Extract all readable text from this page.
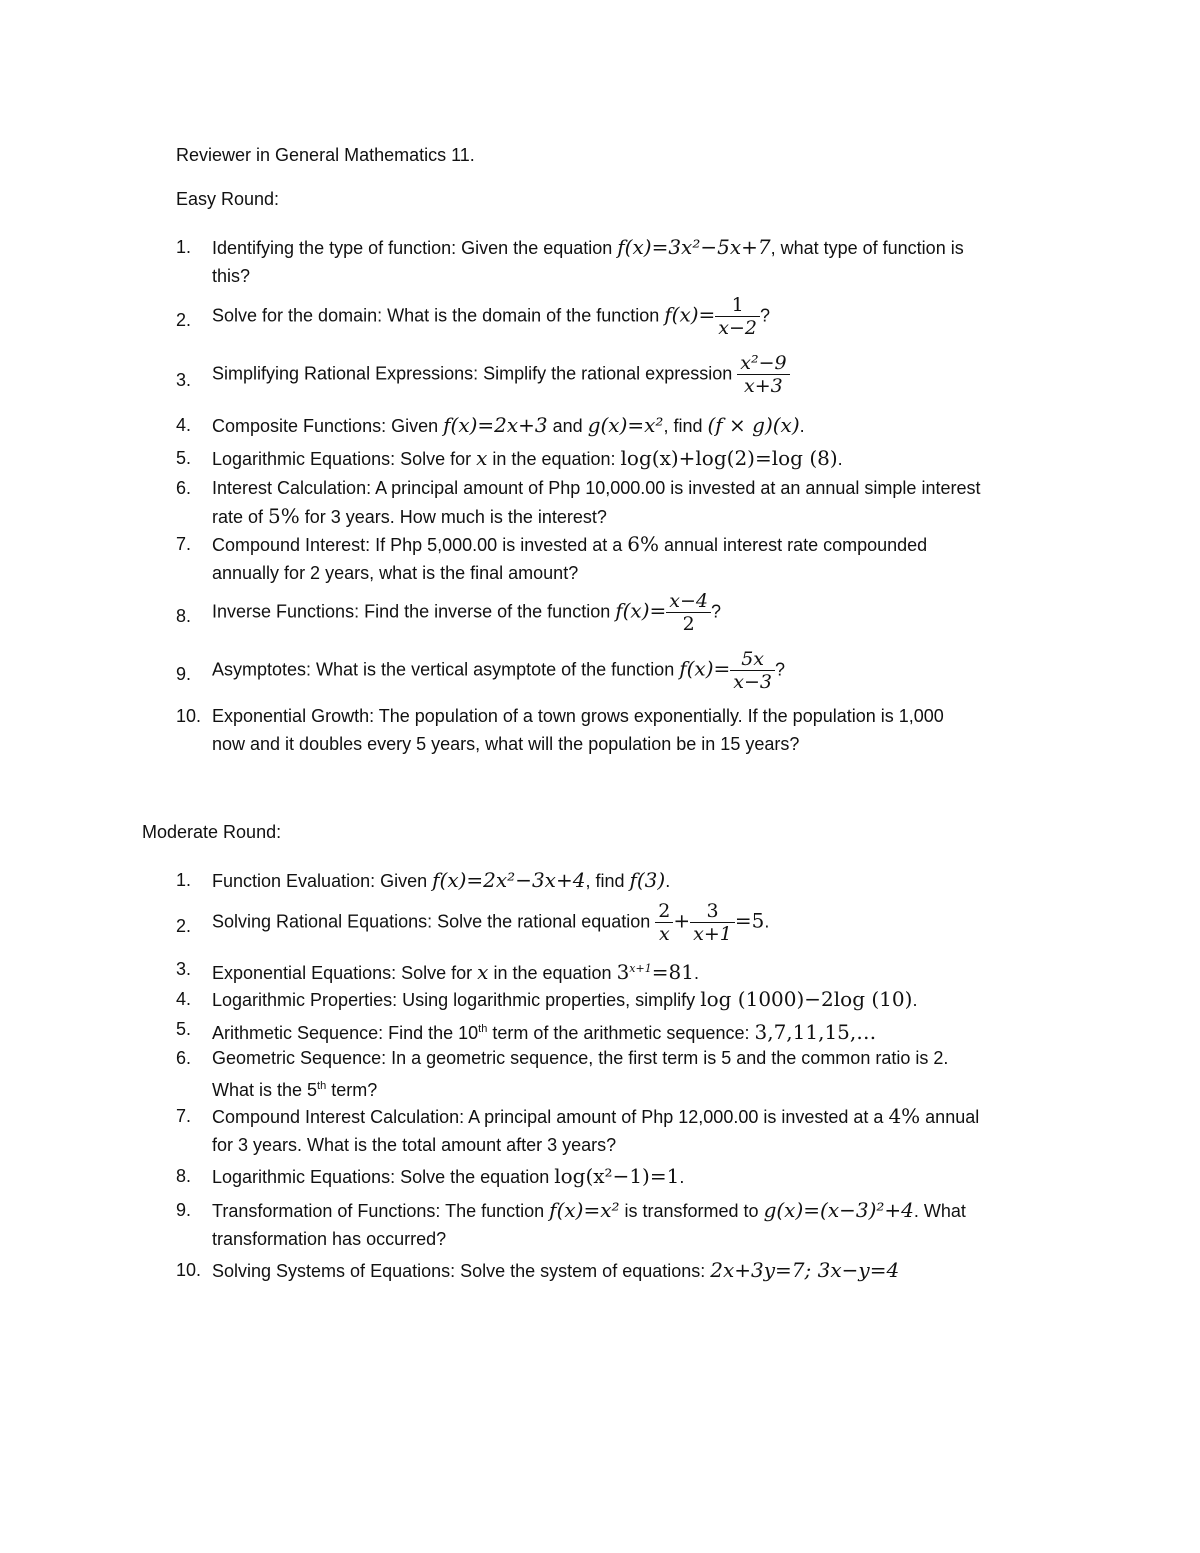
Reviewer in General Mathematics 11.
Easy Round:
1.	Identifying the type of function: Given the equation f(x)=3x²−5x+7, what type of function is
this?
2.	Solve for the domain: What is the domain of the function $f(x)= \frac{1}{x-2}$ ?
3.	Simplifying Rational Expressions: Simplify the rational expression $\frac{\text{x²−9}}{x+3}$
4.	Composite Functions: Given f(x)=2x+3 and g(x)=x², find (f × g)(x).
5.	Logarithmic Equations: Solve for x in the equation: log(x)+log(2)=log (8).
6.	Interest Calculation: A principal amount of Php 10,000.00 is invested at an annual simple interest
rate of 5% for 3 years. How much is the interest?
7.	Compound Interest: If Php 5,000.00 is invested at a 6% annual interest rate compounded
annually for 2 years, what is the final amount?
8.	Inverse Functions: Find the inverse of the function $f(x)= \frac{x-4}{2}$ ?
9.	Asymptotes: What is the vertical asymptote of the function $f(x)= \frac{5x}{x-3}$ ?
10. Exponential Growth: The population of a town grows exponentially. If the population is 1,000
now and it doubles every 5 years, what will the population be in 15 years?
Moderate Round:
1.	Function Evaluation: Given f(x)=2x²−3x+4, find f(3).
2.	Solving Rational Equations: Solve the rational equation $\frac{2}{x} + \frac{3}{x+1} =5$.
3.	Exponential Equations: Solve for x in the equation $3^{x+1}=81$.
4.	Logarithmic Properties: Using logarithmic properties, simplify log (1000)−2log (10).
5.	Arithmetic Sequence: Find the 10th term of the arithmetic sequence: 3,7,11,15,…
6.	Geometric Sequence: In a geometric sequence, the first term is 5 and the common ratio is 2.
What is the 5th term?
7.	Compound Interest Calculation: A principal amount of Php 12,000.00 is invested at a 4% annual
for 3 years. What is the total amount after 3 years?
8.	Logarithmic Equations: Solve the equation log(x²−1)=1.
9.	Transformation of Functions: The function f(x)=x² is transformed to g(x)=(x−3)²+4. What
transformation has occurred?
10. Solving Systems of Equations: Solve the system of equations: 2x+3y=7; 3x−y=4
